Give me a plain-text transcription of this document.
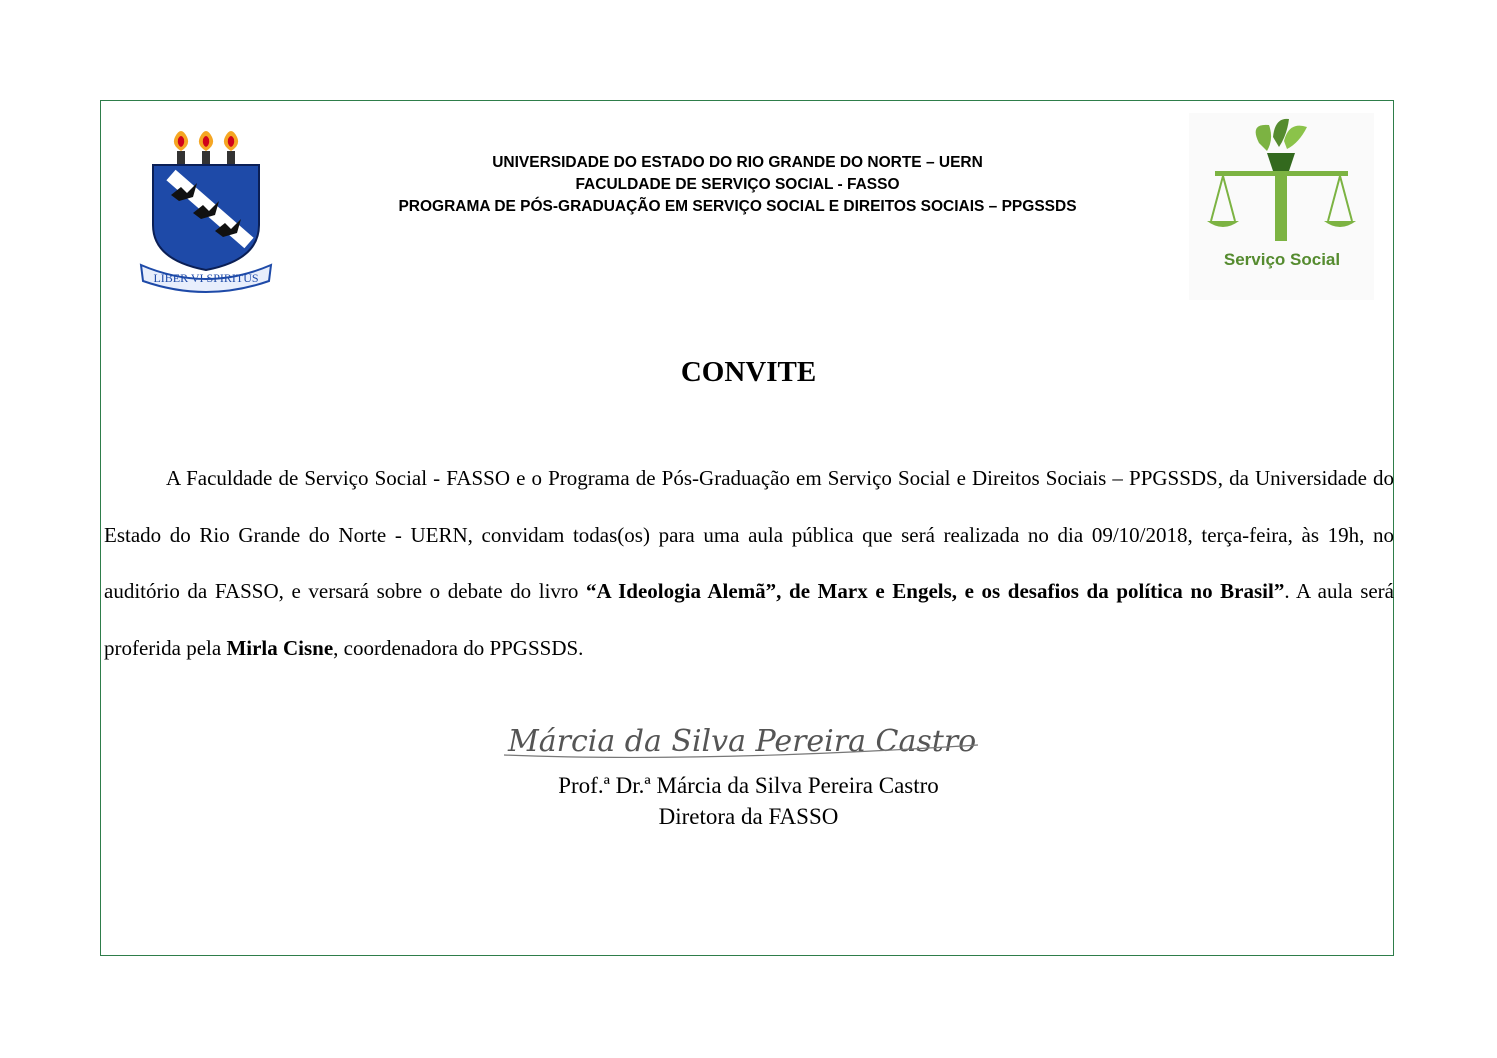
LIBER VI SPIRITUS
Serviço Social
UNIVERSIDADE DO ESTADO DO RIO GRANDE DO NORTE – UERN
FACULDADE DE SERVIÇO SOCIAL - FASSO
PROGRAMA DE PÓS-GRADUAÇÃO EM SERVIÇO SOCIAL E DIREITOS SOCIAIS – PPGSSDS
CONVITE

A Faculdade de Serviço Social - FASSO e o Programa de Pós-Graduação em Serviço Social e Direitos Sociais – PPGSSDS, da Universidade do Estado do Rio Grande do Norte - UERN, convidam todas(os) para uma aula pública que será realizada no dia 09/10/2018, terça-feira, às 19h, no auditório da FASSO, e versará sobre o debate do livro “A Ideologia Alemã”, de Marx e Engels, e os desafios da política no Brasil”. A aula será proferida pela Mirla Cisne, coordenadora do PPGSSDS.

Márcia da Silva Pereira Castro
Prof.ª Dr.ª Márcia da Silva Pereira Castro
Diretora da FASSO
